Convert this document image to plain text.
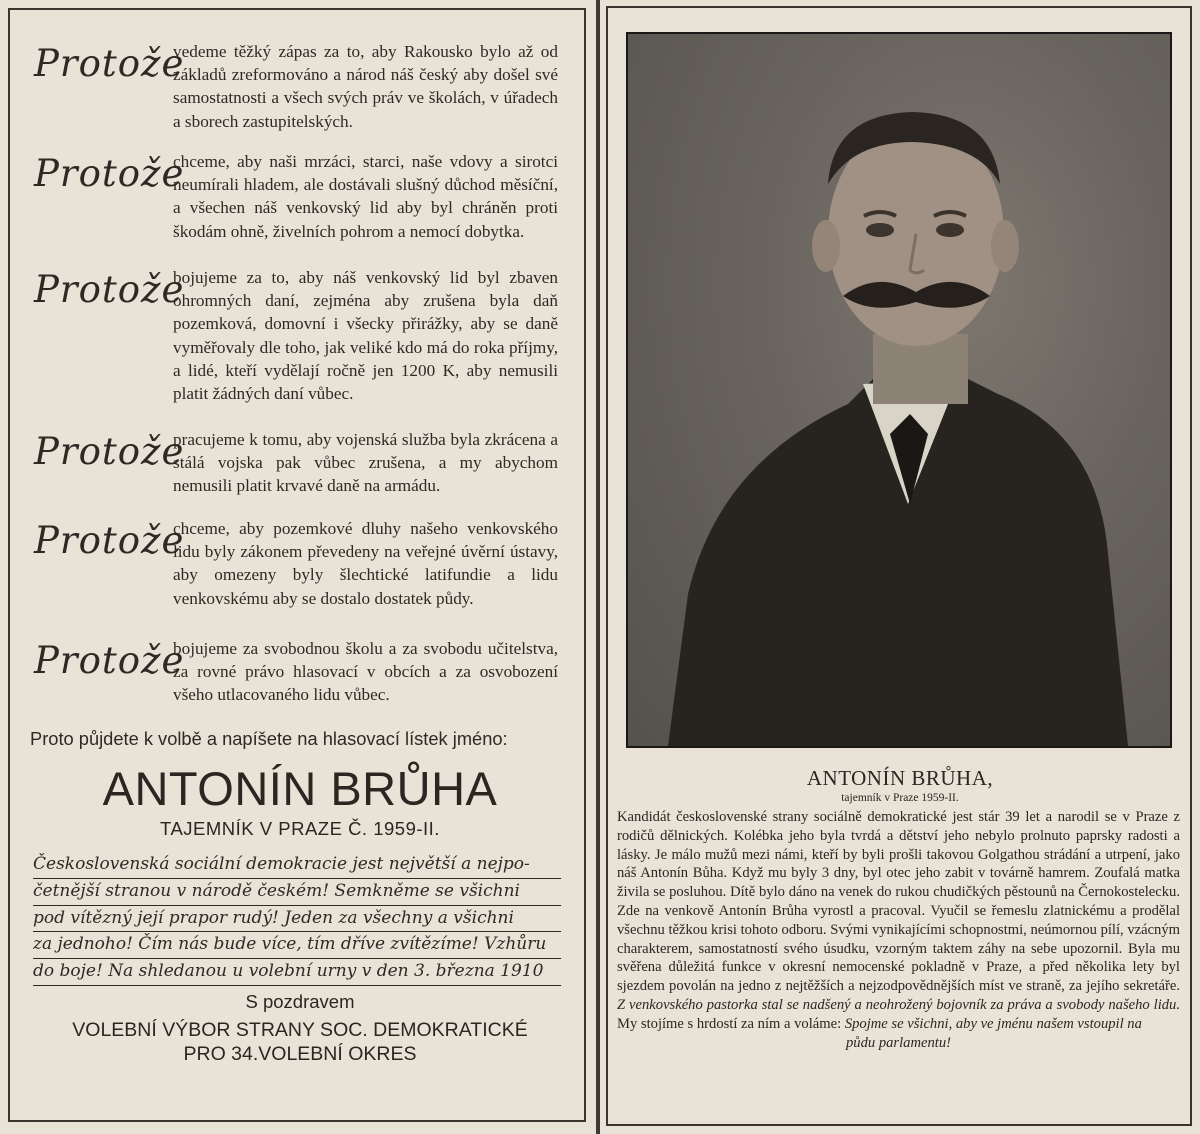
Protože
vedeme těžký zápas za to, aby Rakousko bylo až od základů zreformováno a národ náš český aby došel své samostatnosti a všech svých práv ve školách, v úřadech a sborech zastupitelských.
Protože
chceme, aby naši mrzáci, starci, naše vdovy a sirotci neumírali hladem, ale dostávali slušný důchod měsíční, a všechen náš venkovský lid aby byl chráněn proti škodám ohně, živelních pohrom a nemocí dobytka.
Protože
bojujeme za to, aby náš venkovský lid byl zbaven ohromných daní, zejména aby zrušena byla daň pozemková, domovní i všecky přirážky, aby se daně vyměřovaly dle toho, jak veliké kdo má do roka příjmy, a lidé, kteří vydělají ročně jen 1200 K, aby nemusili platit žádných daní vůbec.
Protože
pracujeme k tomu, aby vojenská služba byla zkrácena a stálá vojska pak vůbec zrušena, a my abychom nemusili platit krvavé daně na armádu.
Protože
chceme, aby pozemkové dluhy našeho venkovského lidu byly zákonem převedeny na veřejné úvěrní ústavy, aby omezeny byly šlechtické latifundie a lidu venkovskému aby se dostalo dostatek půdy.
Protože
bojujeme za svobodnou školu a za svobodu učitelstva, za rovné právo hlasovací v obcích a za osvobození všeho utlacovaného lidu vůbec.
Proto půjdete k volbě a napíšete na hlasovací lístek jméno:
ANTONÍN BRŮHA
TAJEMNÍK V PRAZE Č. 1959-II.
Československá sociální demokracie jest největší a nejpo-
četnější stranou v národě českém! Semkněme se všichni
pod vítězný její prapor rudý! Jeden za všechny a všichni
za jednoho! Čím nás bude více, tím dříve zvítězíme! Vzhůru
do boje! Na shledanou u volební urny v den 3. března 1910
S pozdravem
VOLEBNÍ VÝBOR STRANY SOC. DEMOKRATICKÉ
PRO 34.VOLEBNÍ OKRES
ANTONÍN BRŮHA,
tajemník v Praze 1959-II.
Kandidát československé strany sociálně demokratické jest stár 39 let a narodil se v Praze z rodičů dělnických. Kolébka jeho byla tvrdá a dětství jeho nebylo prolnuto paprsky radosti a lásky. Je málo mužů mezi námi, kteří by byli prošli takovou Golgathou strádání a utrpení, jako náš Antonín Bůha. Když mu byly 3 dny, byl otec jeho zabit v továrně hamrem. Zoufalá matka živila se posluhou. Dítě bylo dáno na venek do rukou chudičkých pěstounů na Černokostelecku. Zde na venkově Antonín Brůha vyrostl a pracoval. Vyučil se řemeslu zlatnickému a prodělal všechnu těžkou krisi tohoto odboru. Svými vynikajícími schopnostmi, neúmornou pílí, vzácným charakterem, samostatností svého úsudku, vzorným taktem záhy na sebe upozornil. Byla mu svěřena důležitá funkce v okresní nemocenské pokladně v Praze, a před několika lety byl sjezdem povolán na jedno z nejtěžších a nejzodpovědnějších míst ve straně, za jejího sekretáře. Z venkovského pastorka stal se nadšený a neohrožený bojovník za práva a svobody našeho lidu. My stojíme s hrdostí za ním a voláme: Spojme se všichni, aby ve jménu našem vstoupil na
půdu parlamentu!
